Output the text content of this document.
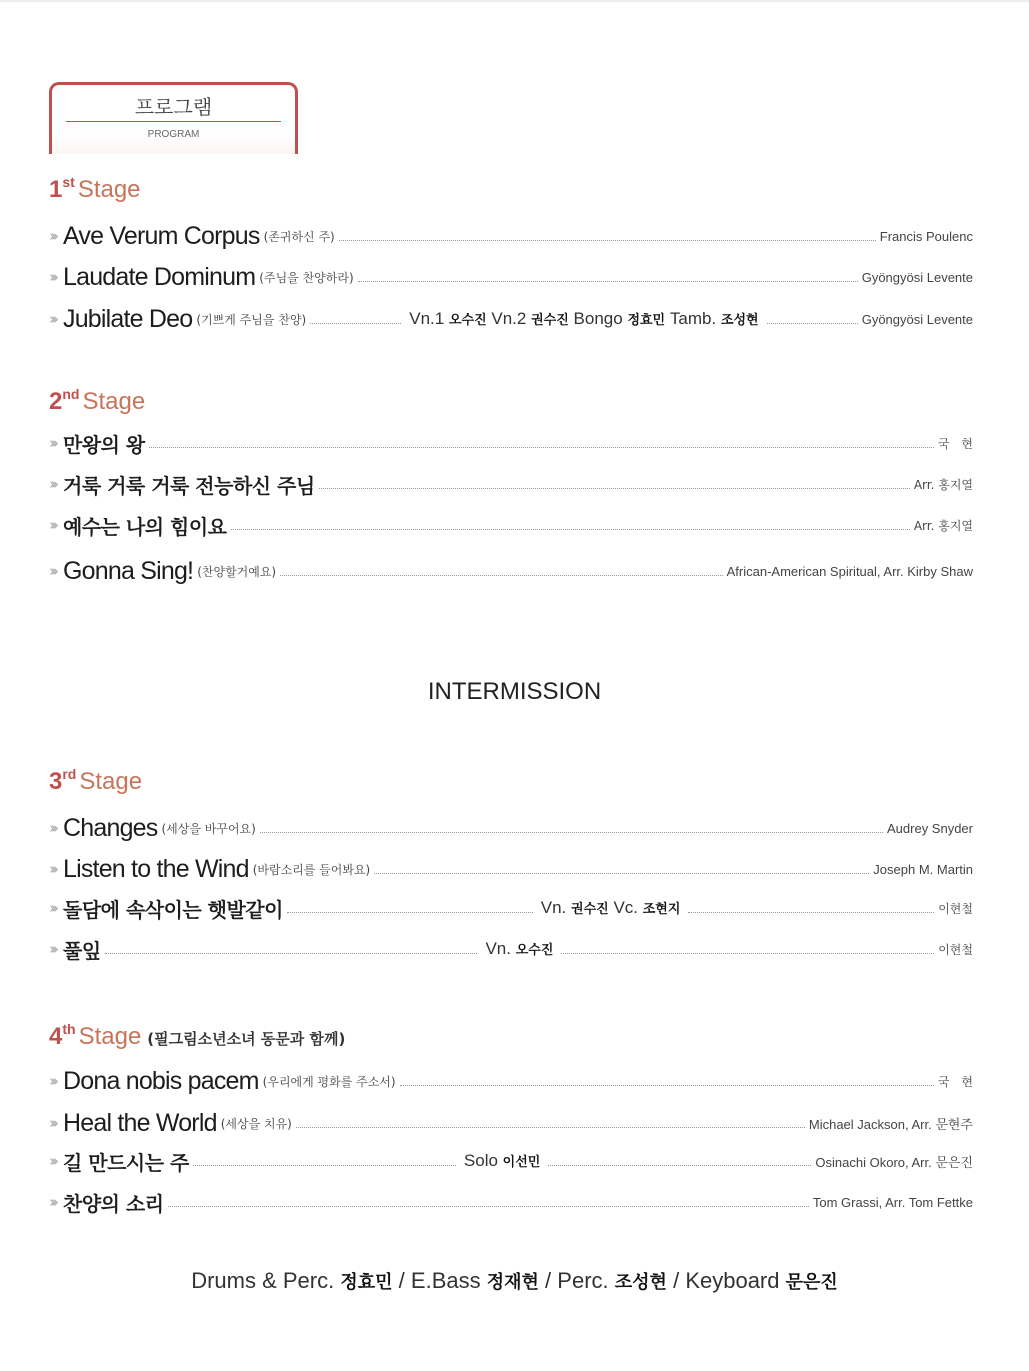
프로그램
PROGRAM
1st Stage
››› Ave Verum Corpus (존귀하신 주)	Francis Poulenc
››› Laudate Dominum (주님을 찬양하라)	Gyöngyösi Levente
››› Jubilate Deo (기쁘게 주님을 찬양)	Vn.1 오수진 Vn.2 권수진 Bongo 정효민 Tamb. 조성현	Gyöngyösi Levente
2nd Stage
››› 만왕의 왕	국　현
››› 거룩 거룩 거룩 전능하신 주님	Arr. 홍지열
››› 예수는 나의 힘이요	Arr. 홍지열
››› Gonna Sing! (찬양할거예요)	African-American Spiritual, Arr. Kirby Shaw
INTERMISSION
3rd Stage
››› Changes (세상을 바꾸어요)	Audrey Snyder
››› Listen to the Wind (바람소리를 들어봐요)	Joseph M. Martin
››› 돌담에 속삭이는 햇발같이	Vn. 권수진 Vc. 조현지	이현철
››› 풀잎	Vn. 오수진	이현철
4th Stage (필그림소년소녀 동문과 함께)
››› Dona nobis pacem (우리에게 평화를 주소서)	국　현
››› Heal the World (세상을 치유)	Michael Jackson, Arr. 문현주
››› 길 만드시는 주	Solo 이선민	Osinachi Okoro, Arr. 문은진
››› 찬양의 소리	Tom Grassi, Arr. Tom Fettke
Drums & Perc. 정효민 / E.Bass 정재현 / Perc. 조성현 / Keyboard 문은진
